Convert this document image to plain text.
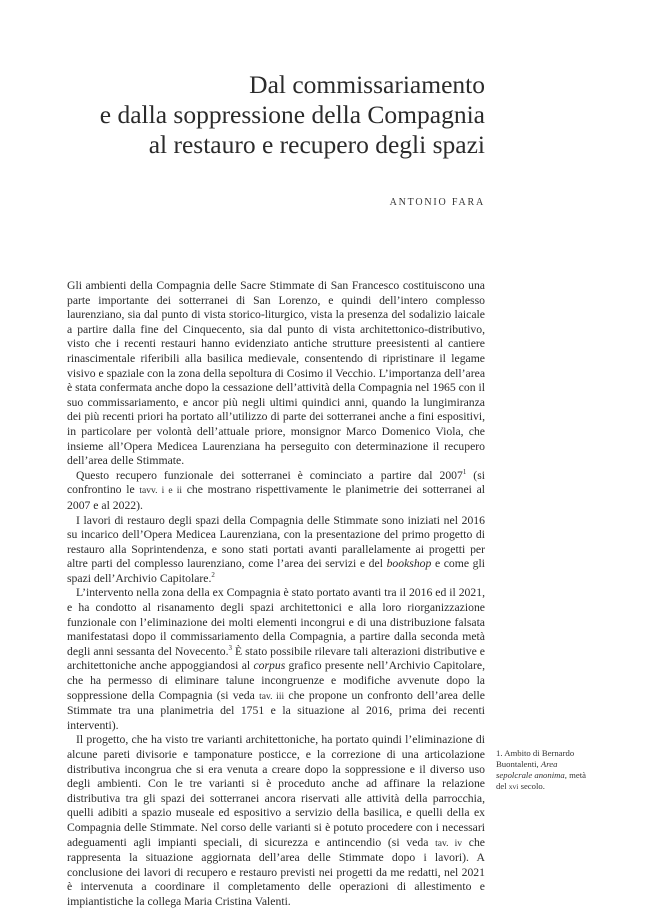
Dal commissariamento
e dalla soppressione della Compagnia
al restauro e recupero degli spazi
ANTONIO FARA

Gli ambienti della Compagnia delle Sacre Stimmate di San Francesco costituiscono una parte importante dei sotterranei di San Lorenzo, e quindi dell’intero complesso laurenziano, sia dal punto di vista storico-liturgico, vista la presenza del sodalizio laicale a partire dalla fine del Cinquecento, sia dal punto di vista architettonico-distributivo, visto che i recenti restauri hanno evidenziato antiche strutture preesistenti al cantiere rinascimentale riferibili alla basilica medievale, consentendo di ripristinare il legame visivo e spaziale con la zona della sepoltura di Cosimo il Vecchio. L’importanza dell’area è stata confermata anche dopo la cessazione dell’attività della Compagnia nel 1965 con il suo commissariamento, e ancor più negli ultimi quindici anni, quando la lungimiranza dei più recenti priori ha portato all’utilizzo di parte dei sotterranei anche a fini espositivi, in particolare per volontà dell’attuale priore, monsignor Marco Domenico Viola, che insieme all’Opera Medicea Laurenziana ha perseguito con determinazione il recupero dell’area delle Stimmate.

Questo recupero funzionale dei sotterranei è cominciato a partire dal 2007$^1$ (si confrontino le tavv. i e ii che mostrano rispettivamente le planimetrie dei sotterranei al 2007 e al 2022).

I lavori di restauro degli spazi della Compagnia delle Stimmate sono iniziati nel 2016 su incarico dell’Opera Medicea Laurenziana, con la presentazione del primo progetto di restauro alla Soprintendenza, e sono stati portati avanti parallelamente ai progetti per altre parti del complesso laurenziano, come l’area dei servizi e del bookshop e come gli spazi dell’Archivio Capitolare.$^2$

L’intervento nella zona della ex Compagnia è stato portato avanti tra il 2016 ed il 2021, e ha condotto al risanamento degli spazi architettonici e alla loro riorganizzazione funzionale con l’eliminazione dei molti elementi incongrui e di una distribuzione falsata manifestatasi dopo il commissariamento della Compagnia, a partire dalla seconda metà degli anni sessanta del Novecento.$^3$ È stato possibile rilevare tali alterazioni distributive e architettoniche anche appoggiandosi al corpus grafico presente nell’Archivio Capitolare, che ha permesso di eliminare talune incongruenze e modifiche avvenute dopo la soppressione della Compagnia (si veda tav. iii che propone un confronto dell’area delle Stimmate tra una planimetria del 1751 e la situazione al 2016, prima dei recenti interventi).

Il progetto, che ha visto tre varianti architettoniche, ha portato quindi l’eliminazione di alcune pareti divisorie e tamponature posticce, e la correzione di una articolazione distributiva incongrua che si era venuta a creare dopo la soppressione e il diverso uso degli ambienti. Con le tre varianti si è proceduto anche ad affinare la relazione distributiva tra gli spazi dei sotterranei ancora riservati alle attività della parrocchia, quelli adibiti a spazio museale ed espositivo a servizio della basilica, e quelli della ex Compagnia delle Stimmate. Nel corso delle varianti si è potuto procedere con i necessari adeguamenti agli impianti speciali, di sicurezza e antincendio (si veda tav. iv che rappresenta la situazione aggiornata dell’area delle Stimmate dopo i lavori). A conclusione dei lavori di recupero e restauro previsti nei progetti da me redatti, nel 2021 è intervenuta a coordinare il completamento delle operazioni di allestimento e impiantistiche la collega Maria Cristina Valenti.

1. Ambito di Bernardo Buontalenti, Area sepolcrale anonima, metà del xvi secolo.
